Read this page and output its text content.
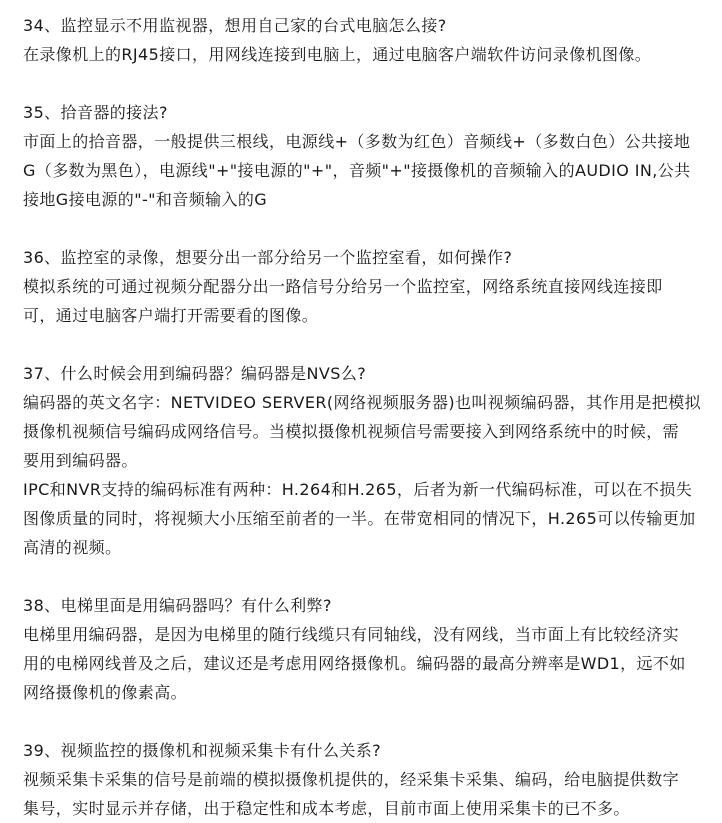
34、监控显示不用监视器，想用自己家的台式电脑怎么接?

在录像机上的RJ45接口，用网线连接到电脑上，通过电脑客户端软件访问录像机图像。

35、拾音器的接法?

市面上的拾音器，一般提供三根线，电源线+（多数为红色）音频线+（多数白色）公共接地

G（多数为黑色），电源线"+"接电源的"+"，音频"+"接摄像机的音频输入的AUDIO IN,公共

接地G接电源的"-"和音频输入的G

36、监控室的录像，想要分出一部分给另一个监控室看，如何操作?

模拟系统的可通过视频分配器分出一路信号分给另一个监控室，网络系统直接网线连接即

可，通过电脑客户端打开需要看的图像。

37、什么时候会用到编码器？编码器是NVS么?

编码器的英文名字：NETVIDEO SERVER(网络视频服务器)也叫视频编码器，其作用是把模拟

摄像机视频信号编码成网络信号。当模拟摄像机视频信号需要接入到网络系统中的时候，需

要用到编码器。

IPC和NVR支持的编码标准有两种：H.264和H.265，后者为新一代编码标准，可以在不损失

图像质量的同时，将视频大小压缩至前者的一半。在带宽相同的情况下，H.265可以传输更加

高清的视频。

38、电梯里面是用编码器吗？有什么利弊?

电梯里用编码器，是因为电梯里的随行线缆只有同轴线，没有网线，当市面上有比较经济实

用的电梯网线普及之后，建议还是考虑用网络摄像机。编码器的最高分辨率是WD1，远不如

网络摄像机的像素高。

39、视频监控的摄像机和视频采集卡有什么关系?

视频采集卡采集的信号是前端的模拟摄像机提供的，经采集卡采集、编码，给电脑提供数字

集号，实时显示并存储，出于稳定性和成本考虑，目前市面上使用采集卡的已不多。
